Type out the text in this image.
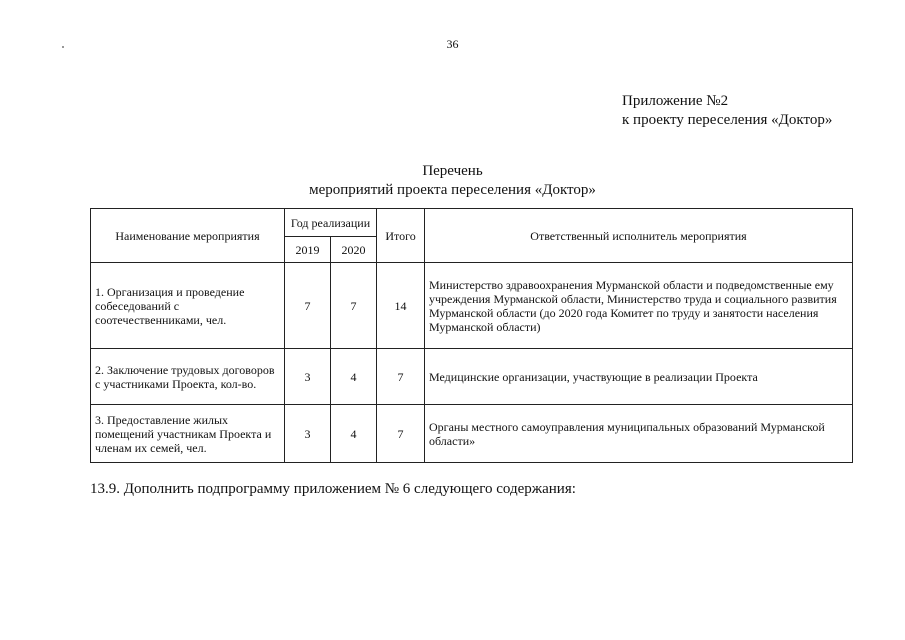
36
Приложение №2
к проекту переселения «Доктор»
Перечень
мероприятий проекта переселения «Доктор»
Наименование мероприятия	Год реализации		Итого	Ответственный исполнитель мероприятия
	2019	2020		
1. Организация и проведение собеседований с соотечественниками, чел.	7	7	14	Министерство здравоохранения Мурманской области и подведомственные ему учреждения Мурманской области, Министерство труда и социального развития Мурманской области (до 2020 года Комитет по труду и занятости населения Мурманской области)
2. Заключение трудовых договоров с участниками Проекта, кол-во.	3	4	7	Медицинские организации, участвующие в реализации Проекта
3. Предоставление жилых помещений участникам Проекта и членам их семей, чел.	3	4	7	Органы местного самоуправления муниципальных образований Мурманской области»
13.9. Дополнить подпрограмму приложением № 6 следующего содержания:
